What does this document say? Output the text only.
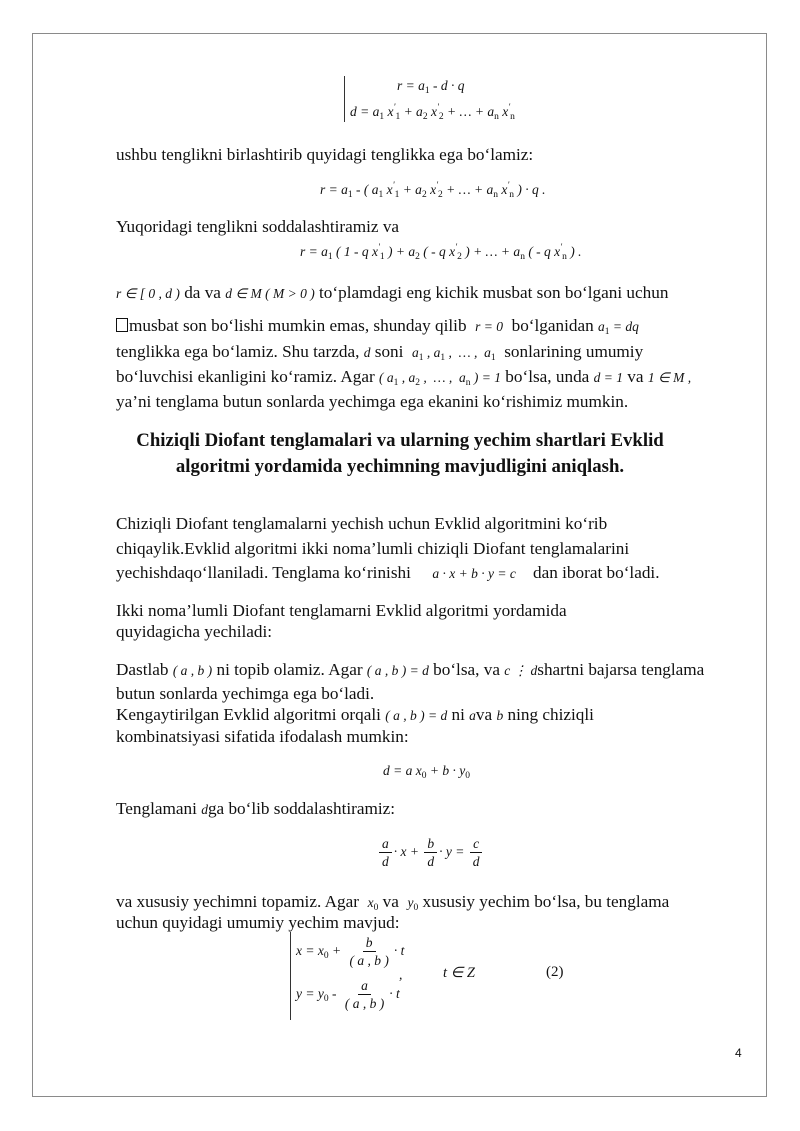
$r = a_1 - d \cdot q$
$d = a_1$ $x'_1 + a_2$ $x'_2$ + … + $a_n$ $x'_n$
ushbu tenglikni birlashtirib quyidagi tenglikka ega bo‘lamiz:
$r = a_1$ - ( $a_1$ $x'_1 + a_2$ $x'_2$ + … + $a_n$ $x'_n$ ) · q .
Yuqoridagi tenglikni soddalashtiramiz va
$r = a_1$ ( 1 - q $x'_1$ ) + $a_2$ ( - q $x'_2$ ) + … + $a_n$ ( - q $x'_n$ ) .
r ∈ [ 0 , d ) da va d ∈ M ( M > 0 ) to‘plamdagi eng kichik musbat son bo‘lgani uchun
musbat son bo‘lishi mumkin emas, shunday qilib r = 0 bo‘lganidan $a_1$ = dq
tenglikka ega bo‘lamiz. Shu tarzda, d soni $a_1$ , $a_1$ ,  … ,  $a_1$ sonlarining umumiy
bo‘luvchisi ekanligini ko‘ramiz. Agar ( $a_1$ , $a_2$ ,  … ,  $a_n$ ) = 1 bo‘lsa, unda d = 1 va 1 ∈ M ,
ya’ni tenglama butun sonlarda yechimga ega ekanini ko‘rishimiz mumkin.
Chiziqli Diofant tenglamalari va ularning yechim shartlari Evklid
algoritmi yordamida yechimning mavjudligini aniqlash.
Chiziqli Diofant tenglamalarni yechish uchun Evklid algoritmini ko‘rib
chiqaylik.Evklid algoritmi ikki noma’lumli chiziqli Diofant tenglamalarini
yechishdaqo‘llaniladi. Tenglama ko‘rinishi a · x + b · y = c dan iborat bo‘ladi.
Ikki noma’lumli Diofant tenglamarni Evklid algoritmi yordamida
quyidagicha yechiladi:
Dastlab ( a , b ) ni topib olamiz. Agar ( a , b ) = d bo‘lsa, va c ⋮ dshartni bajarsa tenglama
butun sonlarda yechimga ega bo‘ladi.
Kengaytirilgan Evklid algoritmi orqali ( a , b ) = d ni ava b ning chiziqli
kombinatsiyasi sifatida ifodalash mumkin:
d = a $x_0 + b \cdot y_0$
Tenglamani dga bo‘lib soddalashtiramiz:
$\frac{a}{d} \cdot x + \frac{b}{d} \cdot y = \frac{c}{d}$
va xususiy yechimni topamiz. Agar $x_0$ va $y_0$ xususiy yechim bo‘lsa, bu tenglama
uchun quyidagi umumiy yechim mavjud:
$x = x_0 + \frac{b}{( a , b )} \cdot t$
,
$y = y_0 - \frac{a}{( a , b )} \cdot t$
t ∈ Z	(2)
4
